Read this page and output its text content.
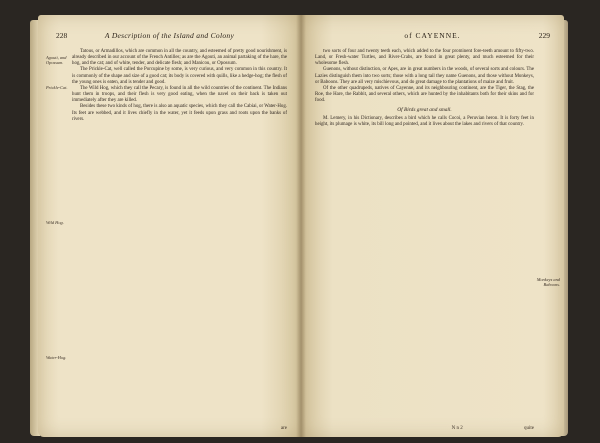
228	A Description of the Island and Colony
Agouti, and Opossum.
Prickle-Cat.
Wild Hog.
Water-Hog.

Tatous, or Armadillos, which are common in all the country, and esteemed of pretty good nourishment, is already described in our account of the French Antilles; as are the Agouti, an animal partaking of the hare, the hog, and the cat; and of white, tender, and delicate flesh; and Manicou, or Opossum.

The Prickle-Cat, well called the Porcupine by some, is very curious, and very common in this country. It is commonly of the shape and size of a good cat; its body is covered with quills, like a hedge-hog; the flesh of the young ones is eaten, and is tender and good.

The Wild Hog, which they call the Pecary, is found in all the wild countries of the continent. The Indians hunt them in troops, and their flesh is very good eating, when the navel on their back is taken out immediately after they are killed.

Besides these two kinds of hog, there is also an aquatic species, which they call the Cabiai, or Water-Hog. Its feet are webbed, and it lives chiefly in the water, yet it feeds upon grass and roots upon the banks of rivers.

are
of CAYENNE.	229
Monkeys and Baboons.

two sorts of four and twenty teeth each, which added to the four prominent fore-teeth amount to fifty-two. Land, or Fresh-water Turtles, and River-Crabs, are found in great plenty, and much esteemed for their wholesome flesh.

Guenons, without distinction, or Apes, are in great numbers in the woods, of several sorts and colours. The Lazies distinguish them into two sorts; those with a long tail they name Guenons, and those without Monkeys, or Baboons. They are all very mischievous, and do great damage to the plantations of maize and fruit.

Of the other quadrupeds, natives of Cayenne, and its neighbouring continent, are the Tiger, the Stag, the Roe, the Hare, the Rabbit, and several others, which are hunted by the inhabitants both for their skins and for food.

Of Birds great and small.

M. Lemery, in his Dictionary, describes a bird which he calls Cocoi, a Peruvian heron. It is forty feet in height, its plumage is white, its bill long and pointed, and it lives about the lakes and rivers of that country.

N n 2	quite
